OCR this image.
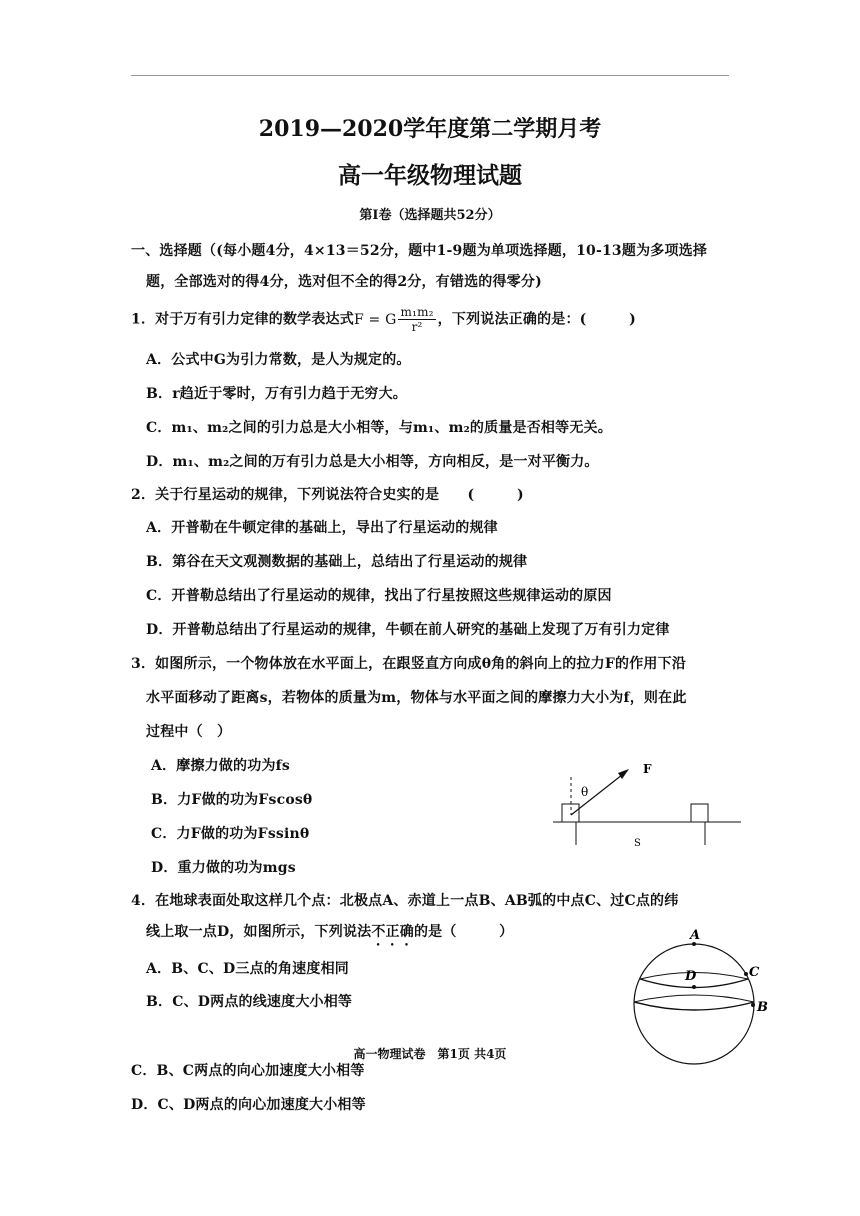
2019—2020学年度第二学期月考
高一年级物理试题
第Ⅰ卷（选择题共52分）
一、选择题（(每小题4分，4×13＝52分，题中1-9题为单项选择题，10-13题为多项选择
题，全部选对的得4分，选对但不全的得2分，有错选的得零分)
1．对于万有引力定律的数学表达式F = G $\frac{\text{m₁m₂}}{\text{r²}}$ ，下列说法正确的是：(　　　)
A．公式中G为引力常数，是人为规定的。
B．r趋近于零时，万有引力趋于无穷大。
C．m₁、m₂之间的引力总是大小相等，与m₁、m₂的质量是否相等无关。
D．m₁、m₂之间的万有引力总是大小相等，方向相反，是一对平衡力。
2．关于行星运动的规律，下列说法符合史实的是　　(　　　)
A．开普勒在牛顿定律的基础上，导出了行星运动的规律
B．第谷在天文观测数据的基础上，总结出了行星运动的规律
C．开普勒总结出了行星运动的规律，找出了行星按照这些规律运动的原因
D．开普勒总结出了行星运动的规律，牛顿在前人研究的基础上发现了万有引力定律
3．如图所示，一个物体放在水平面上，在跟竖直方向成θ角的斜向上的拉力F的作用下沿
水平面移动了距离s，若物体的质量为m，物体与水平面之间的摩擦力大小为f，则在此
过程中（　）
A．摩擦力做的功为fs
B．力F做的功为Fscosθ
C．力F做的功为Fssinθ
D．重力做的功为mgs
F
θ
S
4．在地球表面处取这样几个点：北极点A、赤道上一点B、AB弧的中点C、过C点的纬
线上取一点D，如图所示，下列说法不正确的是（　　　）
A．B、C、D三点的角速度相同
B．C、D两点的线速度大小相等
A
D	C
B
高一物理试卷　第1页 共4页
C．B、C两点的向心加速度大小相等
D．C、D两点的向心加速度大小相等
